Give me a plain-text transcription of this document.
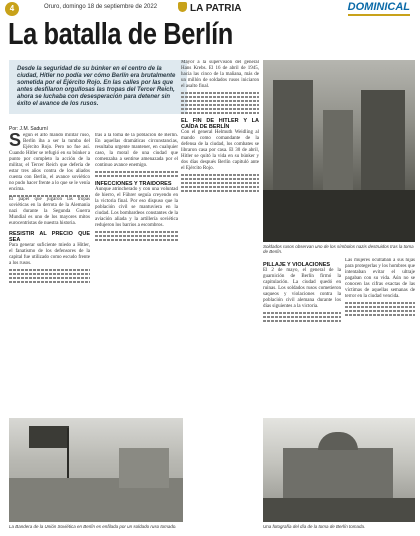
4	Oruro, domingo 18 de septiembre de 2022	LA PATRIA	DOMINICAL
La batalla de Berlín
Desde la seguridad de su búnker en el centro de la ciudad, Hitler no podía ver cómo Berlín era brutalmente sometida por el Ejército Rojo. En las calles por las que antes desfilaron orgullosas las tropas del Tercer Reich, ahora se luchaba con desesperación para detener sin éxito el avance de los rusos.
Por: J.M. Sadurní
Según el alto mando militar ruso, Berlín iba a ser la tumba del Ejército Rojo. Pero no fue así. Cuando Hitler se refugió en su búnker a punto por completo la acción de la militar, el Tercer Reich que defería de estar tres años contra de los aliados cuenta con Berlín, el avance soviético no pudo hacer frente a lo que se le venía encima.
El papel que jugaron las tropas soviéticas en la derrota de la Alemania nazi durante la Segunda Guerra Mundial es uno de los mayores mitos eurocentristas de nuestra historia.
RESISTIR AL PRECIO QUE SEA
Para generar suficiente miedo a Hitler, el fanatismo de los defensores de la capital fue utilizado como escudo frente a los rusos.
tras a la toma de la población de Berlín. En aquellas dramáticas circunstancias, resultaba urgente mantener, en cualquier caso, la moral de una ciudad que comenzaba a sentirse amenazada por el continuo avance enemigo.
INFECCIONES Y TRAIDORES
Aunque atrincherado y con una voluntad de hierro, el Führer seguía creyendo en la victoria final. Por eso dispuso que la población civil se mantuviera en la ciudad. Los bombardeos constantes de la aviación aliada y la artillería soviética redujeron los barrios a escombros.
Mayor a la supervisión del general Hans Krebs. El 16 de abril de 1945, hacia las cinco de la mañana, más de un millón de soldados rusos iniciaron el asalto final.
EL FIN DE HITLER Y LA CAÍDA DE BERLÍN
Con el general Helmuth Weidling al mando como comandante de la defensa de la ciudad, los combates se libraron casa por casa. El 30 de abril, Hitler se quitó la vida en su búnker y dos días después Berlín capituló ante el Ejército Rojo.
Soldados rusos observan uno de los símbolos nazis destruidos tras la toma de Berlín.
PILLAJE Y VIOLACIONES
El 2 de mayo, el general de la guarnición de Berlín firmó la capitulación. La ciudad quedó en ruinas. Los soldados rusos cometieron saqueos y violaciones contra la población civil alemana durante los días siguientes a la victoria.
Las mujeres ocultaban a sus hijas para protegerlas y los hombres que intentaban evitar el ultraje pagaban con su vida. Aún no se conocen las cifras exactas de las víctimas de aquellas semanas de terror en la ciudad vencida.
La Bandera de la Unión Soviética en Berlín es enfilada por un soldado ruso tomado.	Una fotografía del día de la toma de Berlín tomada.
